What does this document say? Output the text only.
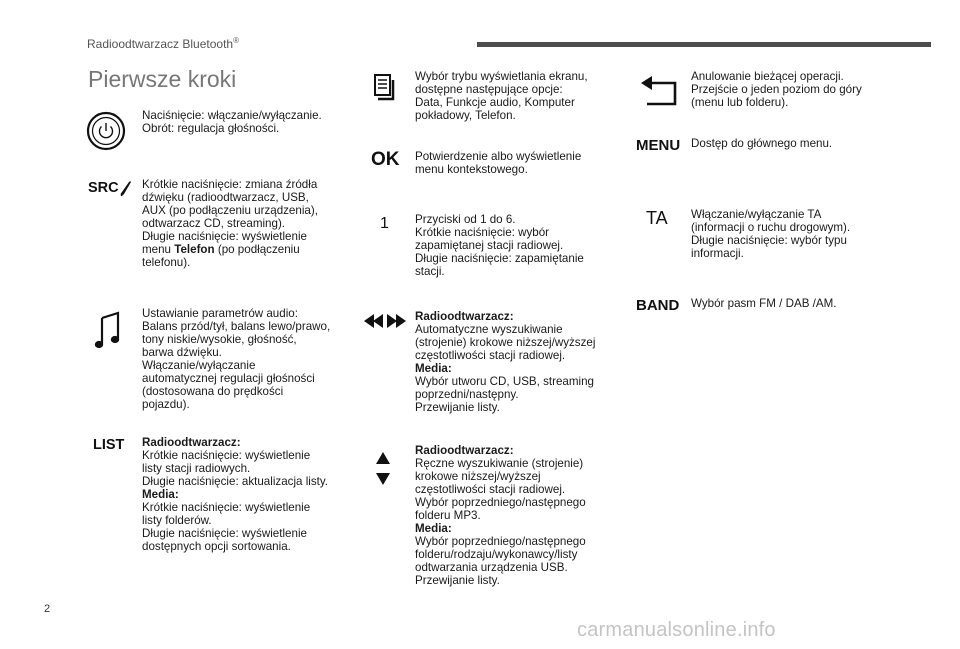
Radioodtwarzacz Bluetooth®
Pierwsze kroki
Naciśnięcie: włączanie/wyłączanie.
Obrót: regulacja głośności.
SRC Krótkie naciśnięcie: zmiana źródła
dźwięku (radioodtwarzacz, USB,
AUX (po podłączeniu urządzenia),
odtwarzacz CD, streaming).
Długie naciśnięcie: wyświetlenie
menu Telefon (po podłączeniu
telefonu).
Ustawianie parametrów audio:
Balans przód/tył, balans lewo/prawo,
tony niskie/wysokie, głośność,
barwa dźwięku.
Włączanie/wyłączanie
automatycznej regulacji głośności
(dostosowana do prędkości
pojazdu).
LIST Radioodtwarzacz:
Krótkie naciśnięcie: wyświetlenie
listy stacji radiowych.
Długie naciśnięcie: aktualizacja listy.
Media:
Krótkie naciśnięcie: wyświetlenie
listy folderów.
Długie naciśnięcie: wyświetlenie
dostępnych opcji sortowania.
Wybór trybu wyświetlania ekranu,
dostępne następujące opcje:
Data, Funkcje audio, Komputer
pokładowy, Telefon.
OK Potwierdzenie albo wyświetlenie
menu kontekstowego.
1 Przyciski od 1 do 6.
Krótkie naciśnięcie: wybór
zapamiętanej stacji radiowej.
Długie naciśnięcie: zapamiętanie
stacji.
Radioodtwarzacz:
Automatyczne wyszukiwanie
(strojenie) krokowe niższej/wyższej
częstotliwości stacji radiowej.
Media:
Wybór utworu CD, USB, streaming
poprzedni/następny.
Przewijanie listy.
Radioodtwarzacz:
Ręczne wyszukiwanie (strojenie)
krokowe niższej/wyższej
częstotliwości stacji radiowej.
Wybór poprzedniego/następnego
folderu MP3.
Media:
Wybór poprzedniego/następnego
folderu/rodzaju/wykonawcy/listy
odtwarzania urządzenia USB.
Przewijanie listy.
Anulowanie bieżącej operacji.
Przejście o jeden poziom do góry
(menu lub folderu).
MENU Dostęp do głównego menu.
TA Włączanie/wyłączanie TA
(informacji o ruchu drogowym).
Długie naciśnięcie: wybór typu
informacji.
BAND Wybór pasm FM / DAB /AM.
2
carmanualsonline.info
